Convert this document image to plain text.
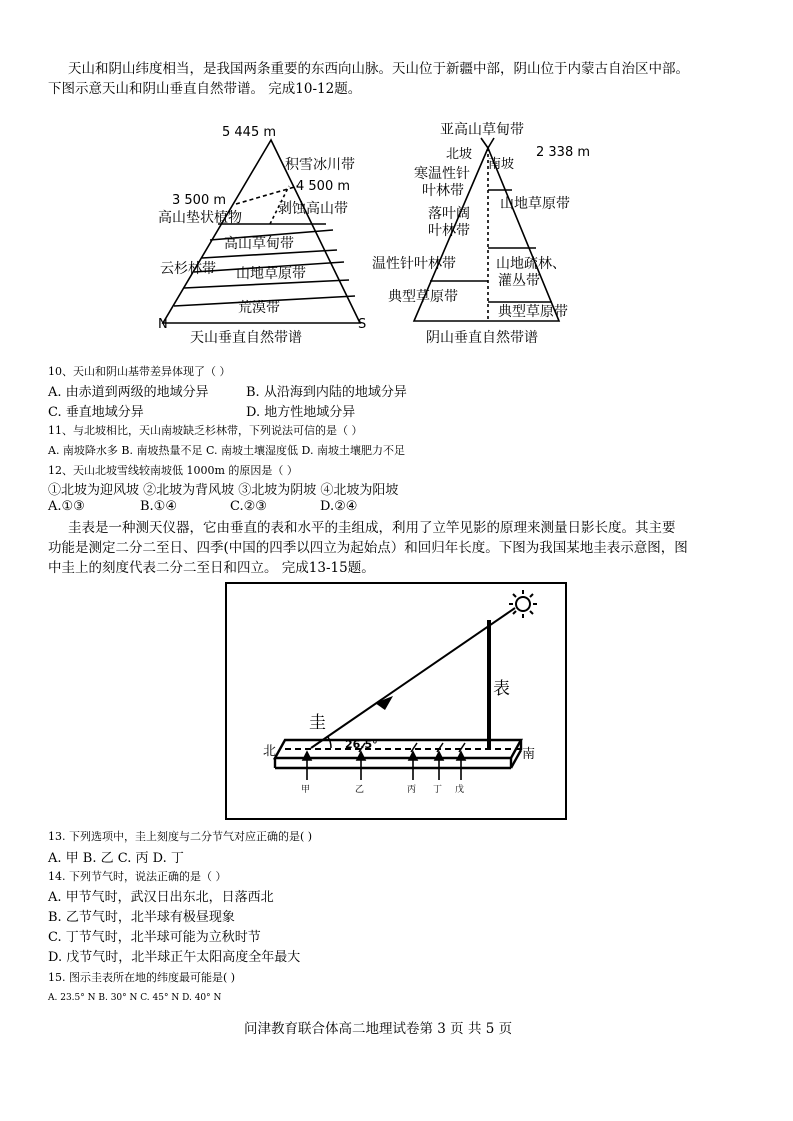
天山和阴山纬度相当，是我国两条重要的东西向山脉。天山位于新疆中部，阴山位于内蒙古自治区中部。
下图示意天山和阴山垂直自然带谱。 完成10-12题。
5 445 m
积雪冰川带
4 500 m
3 500 m
剥蚀高山带
高山垫状植物
高山草甸带
云杉林带 山地草原带
荒漠带
N	S
天山垂直自然带谱
亚高山草甸带
北坡
南坡
2 338 m
寒温性针
叶林带
落叶阔
叶林带
温性针叶林带
典型草原带
山地草原带
山地疏林、
灌丛带
典型草原带
阴山垂直自然带谱
10、天山和阴山基带差异体现了（ ）
A. 由赤道到两级的地域分异	B. 从沿海到内陆的地域分异
C. 垂直地域分异	D. 地方性地域分异
11、与北坡相比，天山南坡缺乏杉林带，下列说法可信的是（ ）
A. 南坡降水多 B. 南坡热量不足 C. 南坡土壤湿度低 D. 南坡土壤肥力不足
12、天山北坡雪线较南坡低 1000m 的原因是（ ）
①北坡为迎风坡 ②北坡为背风坡 ③北坡为阴坡 ④北坡为阳坡
A.①③	B.①④	C.②③	D.②④
圭表是一种测天仪器，它由垂直的表和水平的圭组成，利用了立竿见影的原理来测量日影长度。其主要
功能是测定二分二至日、四季(中国的四季以四立为起始点）和回归年长度。下图为我国某地圭表示意图，图
中圭上的刻度代表二分二至日和四立。 完成13-15题。
表
圭
北	南
26.5°
甲	乙	丙 丁 戊
13. 下列选项中，圭上刻度与二分节气对应正确的是( )
A. 甲 B. 乙 C. 丙 D. 丁
14. 下列节气时，说法正确的是（ ）
A. 甲节气时，武汉日出东北，日落西北
B. 乙节气时，北半球有极昼现象
C. 丁节气时，北半球可能为立秋时节
D. 戊节气时，北半球正午太阳高度全年最大
15. 图示圭表所在地的纬度最可能是( )
A. 23.5° N B. 30° N C. 45° N D. 40° N
问津教育联合体高二地理试卷第 3 页 共 5 页
